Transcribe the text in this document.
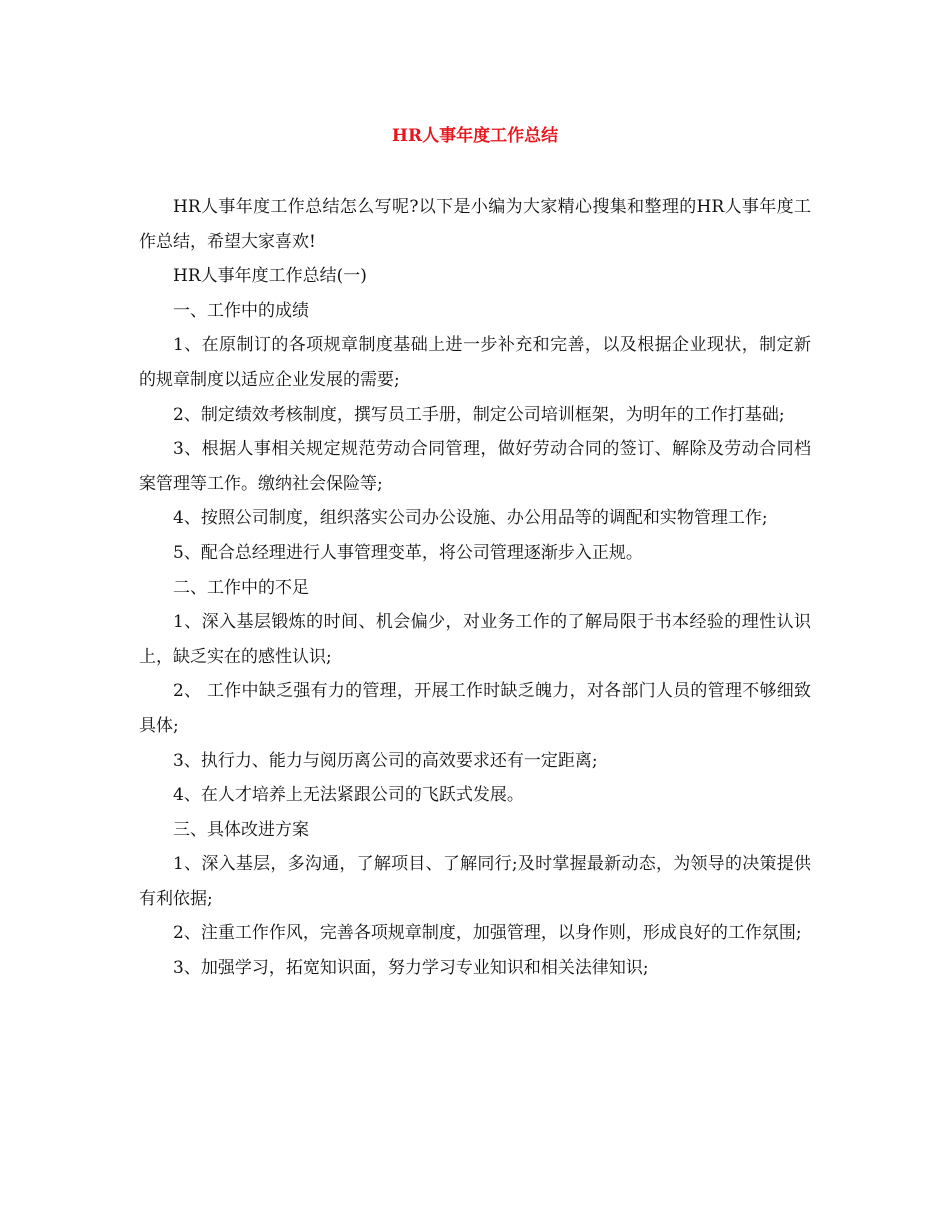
HR人事年度工作总结

HR人事年度工作总结怎么写呢?以下是小编为大家精心搜集和整理的HR人事年度工作总结，希望大家喜欢!

HR人事年度工作总结(一)

一、工作中的成绩

1、在原制订的各项规章制度基础上进一步补充和完善，以及根据企业现状，制定新的规章制度以适应企业发展的需要;

2、制定绩效考核制度，撰写员工手册，制定公司培训框架，为明年的工作打基础;

3、根据人事相关规定规范劳动合同管理，做好劳动合同的签订、解除及劳动合同档案管理等工作。缴纳社会保险等;

4、按照公司制度，组织落实公司办公设施、办公用品等的调配和实物管理工作;

5、配合总经理进行人事管理变革，将公司管理逐渐步入正规。

二、工作中的不足

1、深入基层锻炼的时间、机会偏少，对业务工作的了解局限于书本经验的理性认识上，缺乏实在的感性认识;

2、 工作中缺乏强有力的管理，开展工作时缺乏魄力，对各部门人员的管理不够细致具体;

3、执行力、能力与阅历离公司的高效要求还有一定距离;

4、在人才培养上无法紧跟公司的飞跃式发展。

三、具体改进方案

1、深入基层，多沟通，了解项目、了解同行;及时掌握最新动态，为领导的决策提供有利依据;

2、注重工作作风，完善各项规章制度，加强管理，以身作则，形成良好的工作氛围;

3、加强学习，拓宽知识面，努力学习专业知识和相关法律知识;
